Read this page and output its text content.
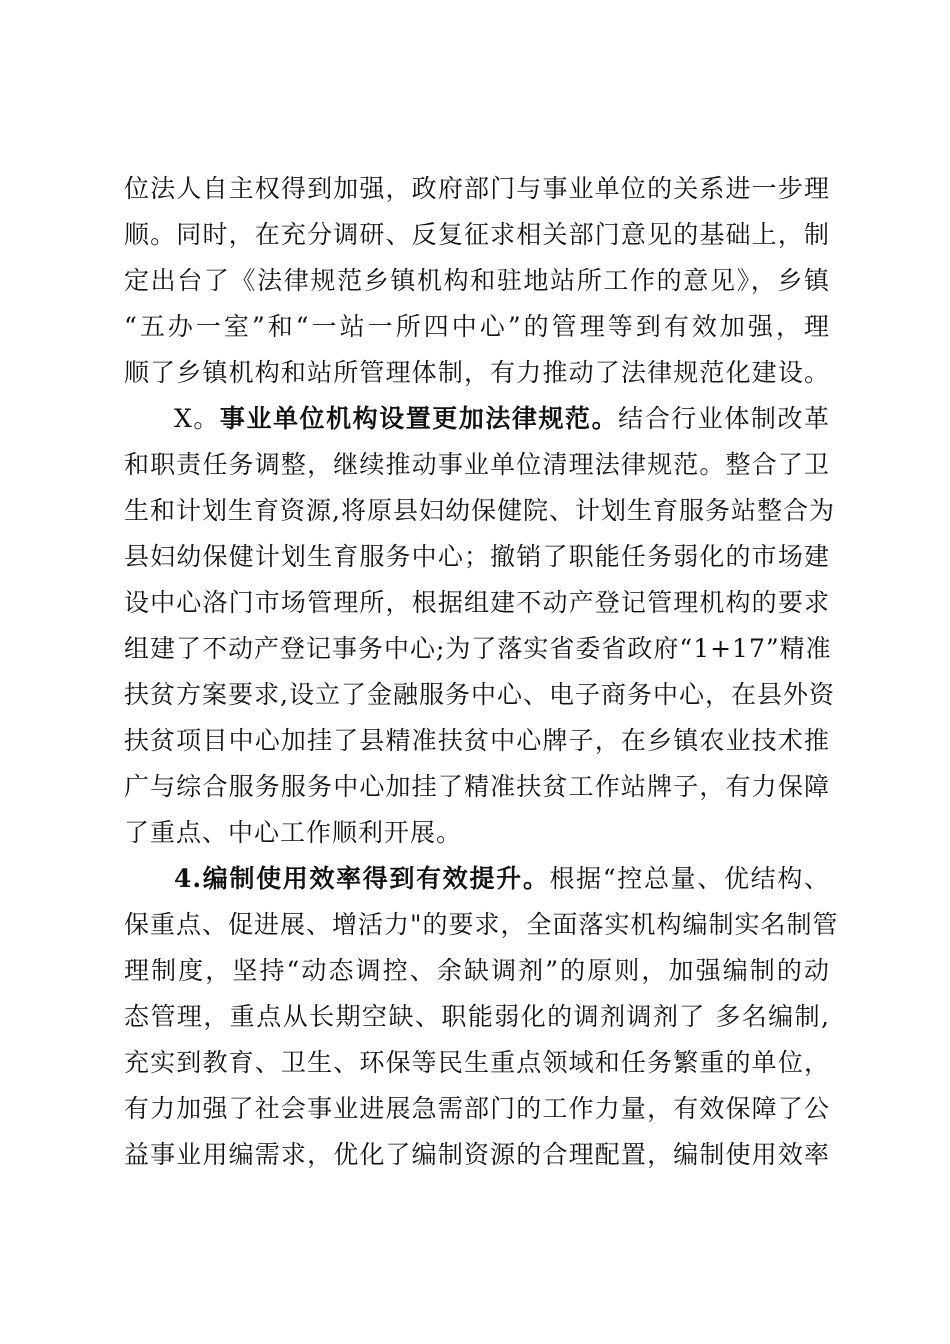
位法人自主权得到加强，政府部门与事业单位的关系进一步理
顺。同时，在充分调研、反复征求相关部门意见的基础上，制
定出台了《法律规范乡镇机构和驻地站所工作的意见》，乡镇
“五办一室”和“一站一所四中心”的管理等到有效加强，理
顺了乡镇机构和站所管理体制，有力推动了法律规范化建设。
X。事业单位机构设置更加法律规范。结合行业体制改革
和职责任务调整，继续推动事业单位清理法律规范。整合了卫
生和计划生育资源,将原县妇幼保健院、计划生育服务站整合为
县妇幼保健计划生育服务中心；撤销了职能任务弱化的市场建
设中心洛门市场管理所，根据组建不动产登记管理机构的要求
组建了不动产登记事务中心;为了落实省委省政府“1+17”精准
扶贫方案要求,设立了金融服务中心、电子商务中心，在县外资
扶贫项目中心加挂了县精准扶贫中心牌子，在乡镇农业技术推
广与综合服务服务中心加挂了精准扶贫工作站牌子，有力保障
了重点、中心工作顺利开展。
4.编制使用效率得到有效提升。根据“控总量、优结构、
保重点、促进展、增活力"的要求，全面落实机构编制实名制管
理制度，坚持“动态调控、余缺调剂”的原则，加强编制的动
态管理，重点从长期空缺、职能弱化的调剂调剂了 多名编制,
充实到教育、卫生、环保等民生重点领域和任务繁重的单位，
有力加强了社会事业进展急需部门的工作力量，有效保障了公
益事业用编需求，优化了编制资源的合理配置，编制使用效率
